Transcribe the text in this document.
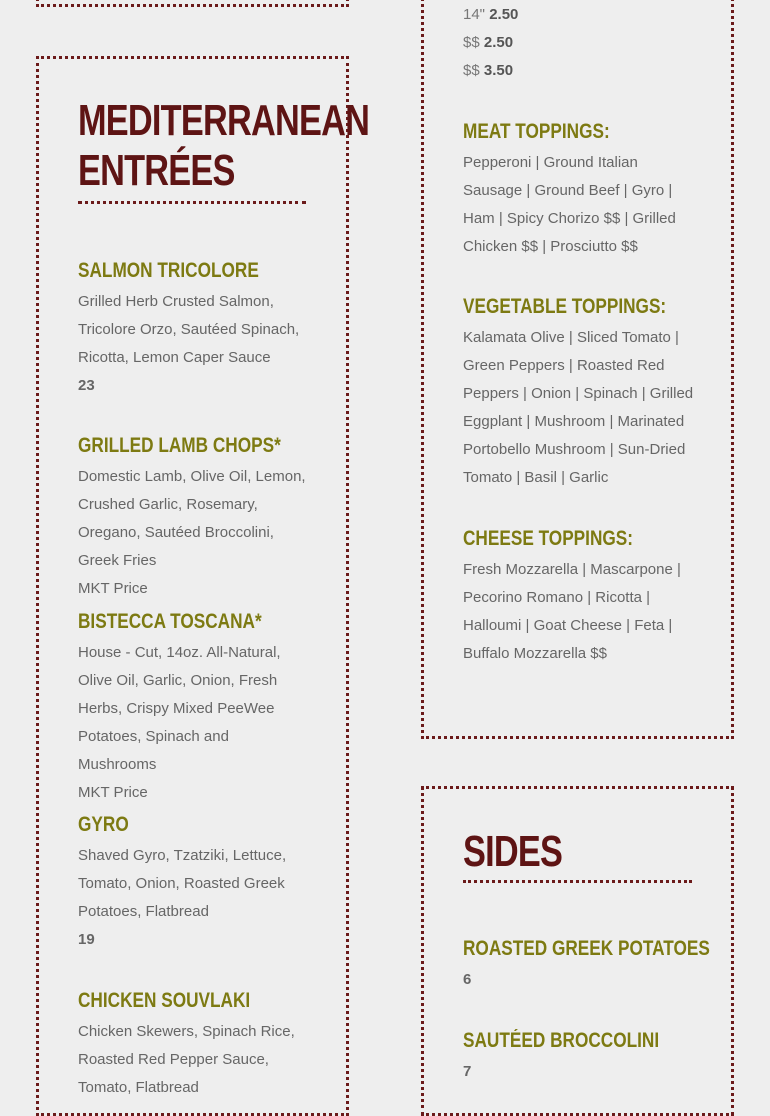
MEDITERRANEAN
ENTRÉES
SALMON TRICOLORE
Grilled Herb Crusted Salmon, Tricolore Orzo, Sautéed Spinach, Ricotta, Lemon Caper Sauce
23
GRILLED LAMB CHOPS*
Domestic Lamb, Olive Oil, Lemon, Crushed Garlic, Rosemary, Oregano, Sautéed Broccolini, Greek Fries
MKT Price
BISTECCA TOSCANA*
House - Cut, 14oz. All-Natural, Olive Oil, Garlic, Onion, Fresh Herbs, Crispy Mixed PeeWee Potatoes, Spinach and Mushrooms
MKT Price
GYRO
Shaved Gyro, Tzatziki, Lettuce, Tomato, Onion, Roasted Greek Potatoes, Flatbread
19
CHICKEN SOUVLAKI
Chicken Skewers, Spinach Rice, Roasted Red Pepper Sauce, Tomato, Flatbread
14" 2.50
$$ 2.50
$$ 3.50
MEAT TOPPINGS:
Pepperoni | Ground Italian Sausage | Ground Beef | Gyro | Ham | Spicy Chorizo $$ | Grilled Chicken $$ | Prosciutto $$
VEGETABLE TOPPINGS:
Kalamata Olive | Sliced Tomato | Green Peppers | Roasted Red Peppers | Onion | Spinach | Grilled Eggplant | Mushroom | Marinated Portobello Mushroom | Sun-Dried Tomato | Basil | Garlic
CHEESE TOPPINGS:
Fresh Mozzarella | Mascarpone | Pecorino Romano | Ricotta | Halloumi | Goat Cheese | Feta | Buffalo Mozzarella $$
SIDES
ROASTED GREEK POTATOES
6
SAUTÉED BROCCOLINI
7
